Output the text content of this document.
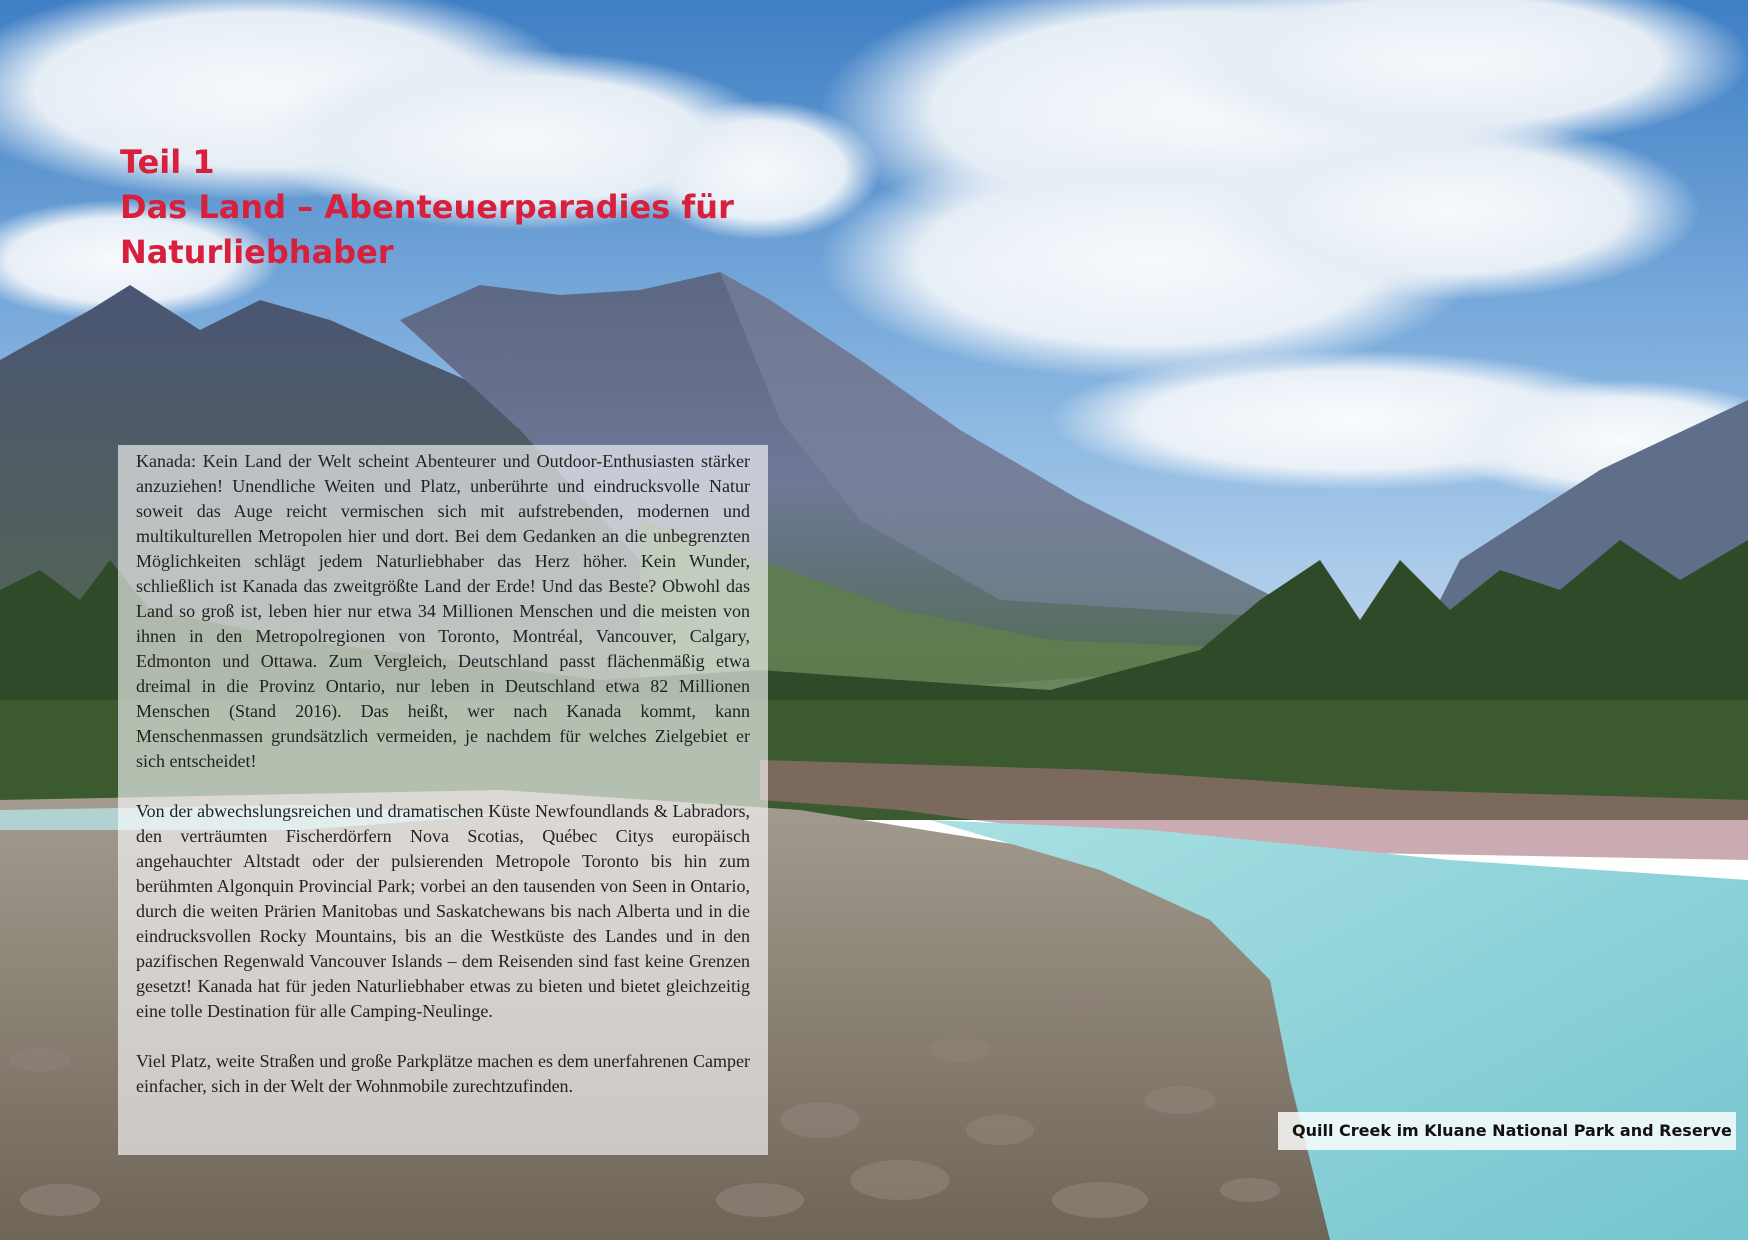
Teil 1
Das Land – Abenteuerparadies für
Naturliebhaber

Kanada: Kein Land der Welt scheint Abenteurer und Outdoor-Enthusiasten stärker anzuziehen! Unendliche Weiten und Platz, unberührte und eindrucksvolle Natur soweit das Auge reicht vermischen sich mit aufstrebenden, modernen und multikulturellen Metropolen hier und dort. Bei dem Gedanken an die unbegrenzten Möglichkeiten schlägt jedem Naturliebhaber das Herz höher. Kein Wunder, schließlich ist Kanada das zweitgrößte Land der Erde! Und das Beste? Obwohl das Land so groß ist, leben hier nur etwa 34 Millionen Menschen und die meisten von ihnen in den Metropolregionen von Toronto, Montréal, Vancouver, Calgary, Edmonton und Ottawa. Zum Vergleich, Deutschland passt flächenmäßig etwa dreimal in die Provinz Ontario, nur leben in Deutschland etwa 82 Millionen Menschen (Stand 2016). Das heißt, wer nach Kanada kommt, kann Menschenmassen grundsätzlich vermeiden, je nachdem für welches Zielgebiet er sich entscheidet!

Von der abwechslungsreichen und dramatischen Küste Newfoundlands & Labradors, den verträumten Fischerdörfern Nova Scotias, Québec Citys europäisch angehauchter Altstadt oder der pulsierenden Metropole Toronto bis hin zum berühmten Algonquin Provincial Park; vorbei an den tausenden von Seen in Ontario, durch die weiten Prärien Manitobas und Saskatchewans bis nach Alberta und in die eindrucksvollen Rocky Mountains, bis an die Westküste des Landes und in den pazifischen Regenwald Vancouver Islands – dem Reisenden sind fast keine Grenzen gesetzt! Kanada hat für jeden Naturliebhaber etwas zu bieten und bietet gleichzeitig eine tolle Destination für alle Camping-Neulinge.

Viel Platz, weite Straßen und große Parkplätze machen es dem unerfahrenen Camper einfacher, sich in der Welt der Wohnmobile zurechtzufinden.

Quill Creek im Kluane National Park and Reserve
